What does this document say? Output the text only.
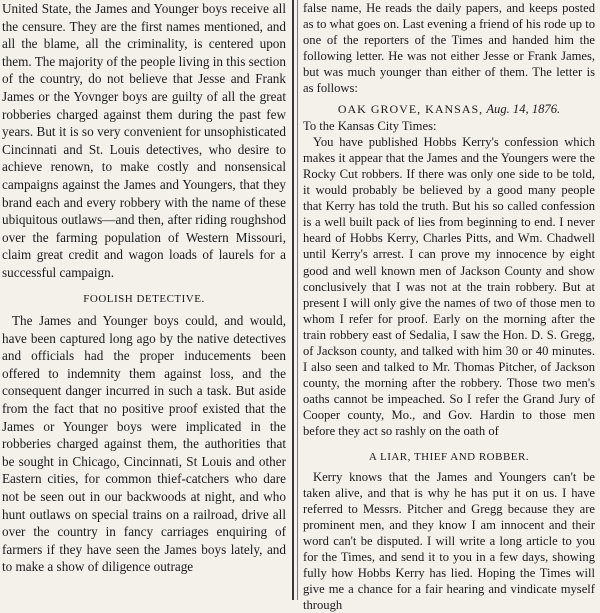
United State, the James and Younger boys receive all the censure. They are the first names mentioned, and all the blame, all the criminality, is centered upon them. The majority of the people living in this section of the country, do not believe that Jesse and Frank James or the Yovnger boys are guilty of all the great robberies charged against them during the past few years. But it is so very convenient for unsophisticated Cincinnati and St. Louis detectives, who desire to achieve renown, to make costly and nonsensical campaigns against the James and Youngers, that they brand each and every robbery with the name of these ubiquitous outlaws—and then, after riding roughshod over the farming population of Western Missouri, claim great credit and wagon loads of laurels for a successful campaign.

FOOLISH DETECTIVE.

The James and Younger boys could, and would, have been captured long ago by the native detectives and officials had the proper inducements been offered to indemnity them against loss, and the consequent danger incurred in such a task. But aside from the fact that no positive proof existed that the James or Younger boys were implicated in the robberies charged against them, the authorities that be sought in Chicago, Cincinnati, St Louis and other Eastern cities, for common thief-catchers who dare not be seen out in our backwoods at night, and who hunt outlaws on special trains on a railroad, drive all over the country in fancy carriages enquiring of farmers if they have seen the James boys lately, and to make a show of diligence outrage

false name, He reads the daily papers, and keeps posted as to what goes on. Last evening a friend of his rode up to one of the reporters of the Times and handed him the following letter. He was not either Jesse or Frank James, but was much younger than either of them. The letter is as follows:

OAK GROVE, KANSAS, Aug. 14, 1876.

To the Kansas City Times:

You have published Hobbs Kerry's confession which makes it appear that the James and the Youngers were the Rocky Cut robbers. If there was only one side to be told, it would probably be believed by a good many people that Kerry has told the truth. But his so called confession is a well built pack of lies from beginning to end. I never heard of Hobbs Kerry, Charles Pitts, and Wm. Chadwell until Kerry's arrest. I can prove my innocence by eight good and well known men of Jackson County and show conclusively that I was not at the train robbery. But at present I will only give the names of two of those men to whom I refer for proof. Early on the morning after the train robbery east of Sedalia, I saw the Hon. D. S. Gregg, of Jackson county, and talked with him 30 or 40 minutes. I also seen and talked to Mr. Thomas Pitcher, of Jackson county, the morning after the robbery. Those two men's oaths cannot be impeached. So I refer the Grand Jury of Cooper county, Mo., and Gov. Hardin to those men before they act so rashly on the oath of

A LIAR, THIEF AND ROBBER.

Kerry knows that the James and Youngers can't be taken alive, and that is why he has put it on us. I have referred to Messrs. Pitcher and Gregg because they are prominent men, and they know I am innocent and their word can't be disputed. I will write a long article to you for the Times, and send it to you in a few days, showing fully how Hobbs Kerry has lied. Hoping the Times will give me a chance for a fair hearing and vindicate myself through
